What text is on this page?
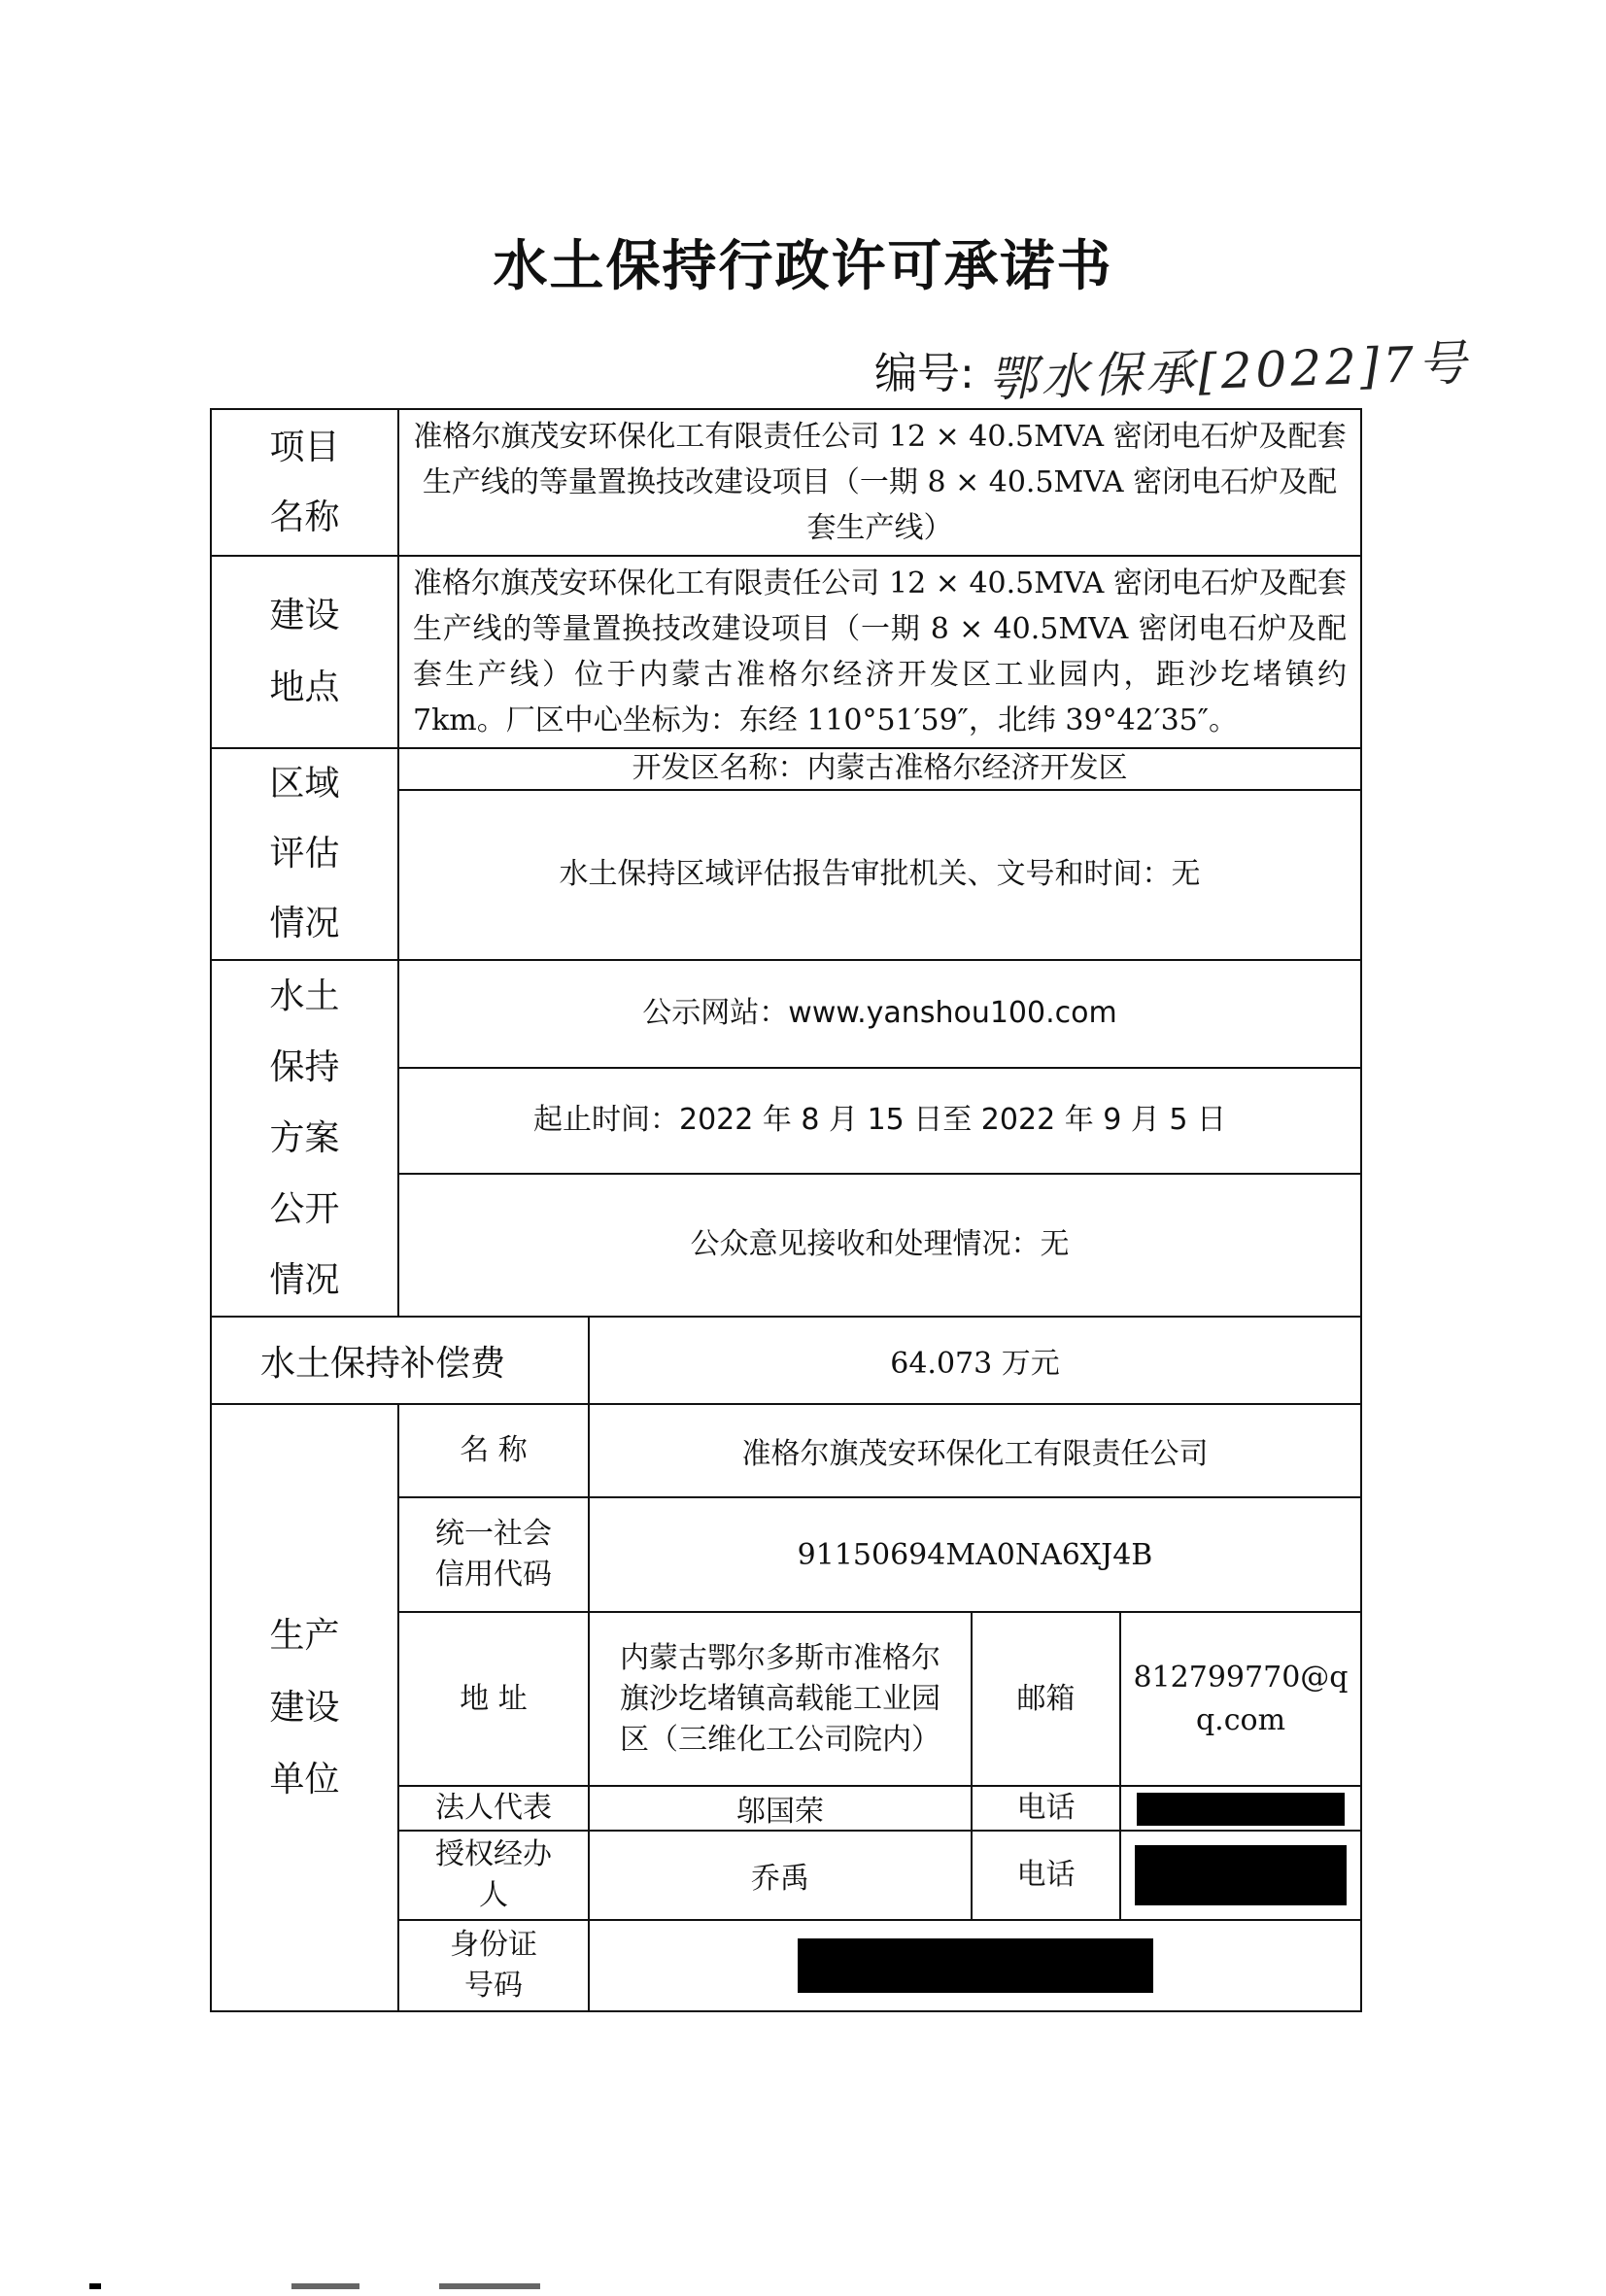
水土保持行政许可承诺书
编号: 鄂水保承[2022]7号
项目名称	准格尔旗茂安环保化工有限责任公司 12 × 40.5MVA 密闭电石炉及配套生产线的等量置换技改建设项目（一期 8 × 40.5MVA 密闭电石炉及配套生产线）			

建设地点	准格尔旗茂安环保化工有限责任公司 12 × 40.5MVA 密闭电石炉及配套生产线的等量置换技改建设项目（一期 8 × 40.5MVA 密闭电石炉及配套生产线）位于内蒙古准格尔经济开发区工业园内，距沙圪堵镇约 7km。厂区中心坐标为：东经 110°51′59″，北纬 39°42′35″。			

区域评估情况	开发区名称：内蒙古准格尔经济开发区			
	水土保持区域评估报告审批机关、文号和时间：无			

水土保持方案公开情况	公示网站：www.yanshou100.com			
	起止时间：2022 年 8 月 15 日至 2022 年 9 月 5 日			
	公众意见接收和处理情况：无			
水土保持补偿费		64.073 万元		

生产建设单位	名 称	准格尔旗茂安环保化工有限责任公司		

	统一社会信用代码	91150694MA0NA6XJ4B		
	地 址	内蒙古鄂尔多斯市准格尔旗沙圪堵镇高载能工业园区（三维化工公司院内）	邮箱	812799770@qq.com

	法人代表	邬国荣	电话	

	授权经办人	乔禹	电话	

	身份证号码			
